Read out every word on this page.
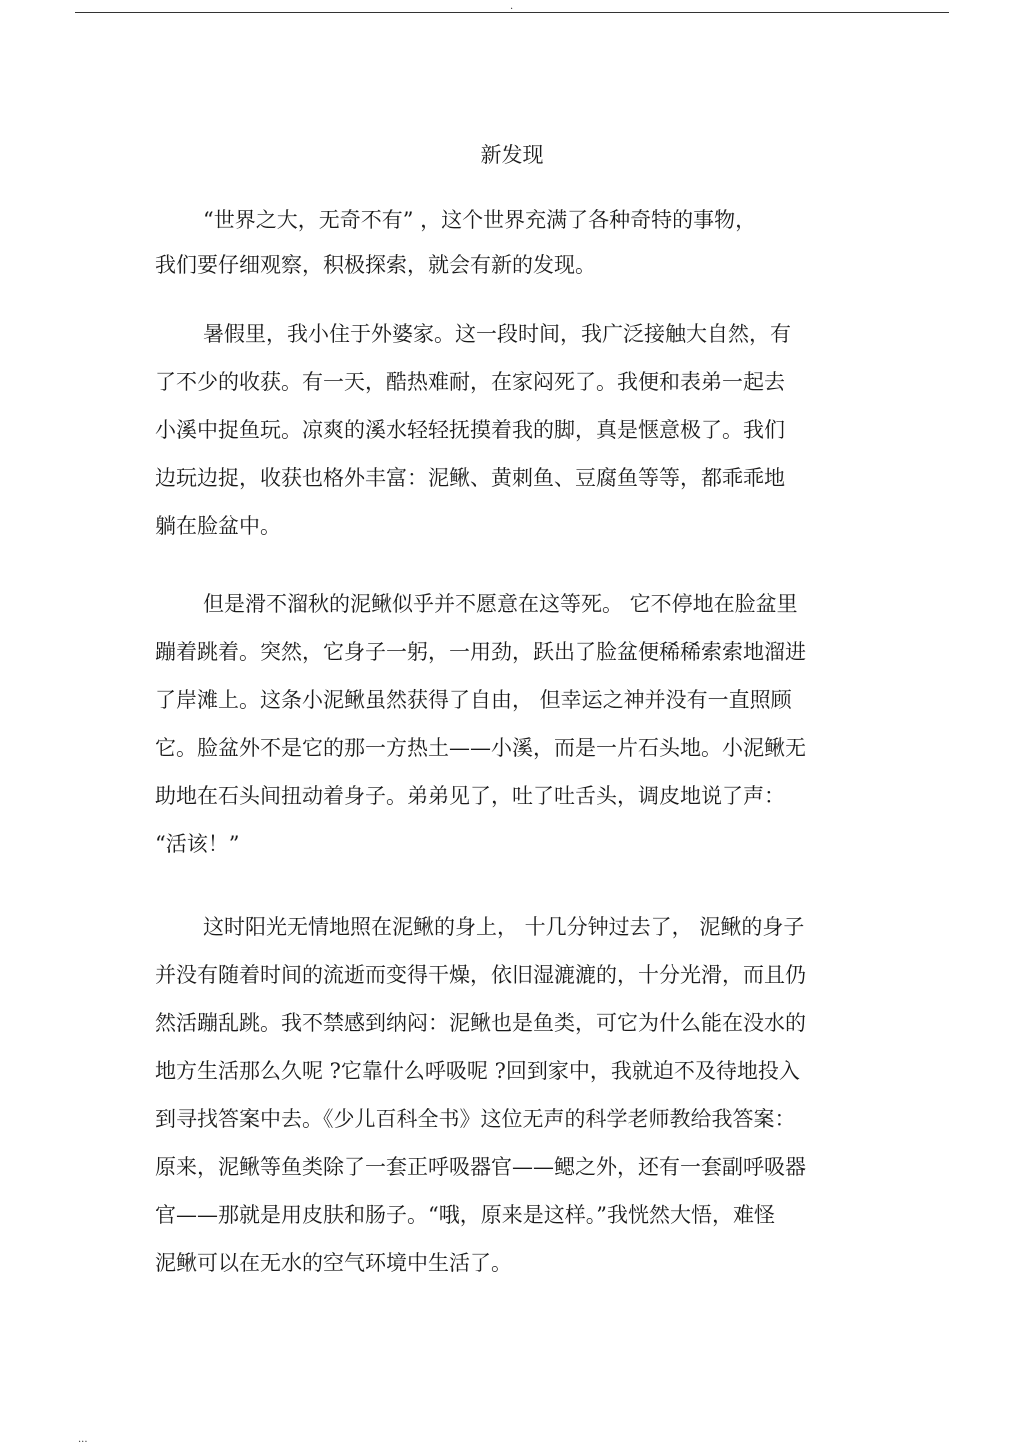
.
新发现
“世界之大，无奇不有” ，这个世界充满了各种奇特的事物，
我们要仔细观察，积极探索，就会有新的发现。
暑假里，我小住于外婆家。这一段时间，我广泛接触大自然，有
了不少的收获。有一天，酷热难耐，在家闷死了。我便和表弟一起去
小溪中捉鱼玩。凉爽的溪水轻轻抚摸着我的脚，真是惬意极了。我们
边玩边捉，收获也格外丰富：泥鳅、黄刺鱼、豆腐鱼等等，都乖乖地
躺在脸盆中。
但是滑不溜秋的泥鳅似乎并不愿意在这等死。 它不停地在脸盆里
蹦着跳着。突然，它身子一躬，一用劲，跃出了脸盆便稀稀索索地溜进
了岸滩上。这条小泥鳅虽然获得了自由， 但幸运之神并没有一直照顾
它。脸盆外不是它的那一方热土——小溪，而是一片石头地。小泥鳅无
助地在石头间扭动着身子。弟弟见了，吐了吐舌头，调皮地说了声：
“活该！”
这时阳光无情地照在泥鳅的身上， 十几分钟过去了， 泥鳅的身子
并没有随着时间的流逝而变得干燥，依旧湿漉漉的，十分光滑，而且仍
然活蹦乱跳。我不禁感到纳闷：泥鳅也是鱼类，可它为什么能在没水的
地方生活那么久呢 ?它靠什么呼吸呢 ?回到家中，我就迫不及待地投入
到寻找答案中去。《少儿百科全书》这位无声的科学老师教给我答案：
原来，泥鳅等鱼类除了一套正呼吸器官——鳃之外，还有一套副呼吸器
官——那就是用皮肤和肠子。“哦，原来是这样。”我恍然大悟，难怪
泥鳅可以在无水的空气环境中生活了。
...
